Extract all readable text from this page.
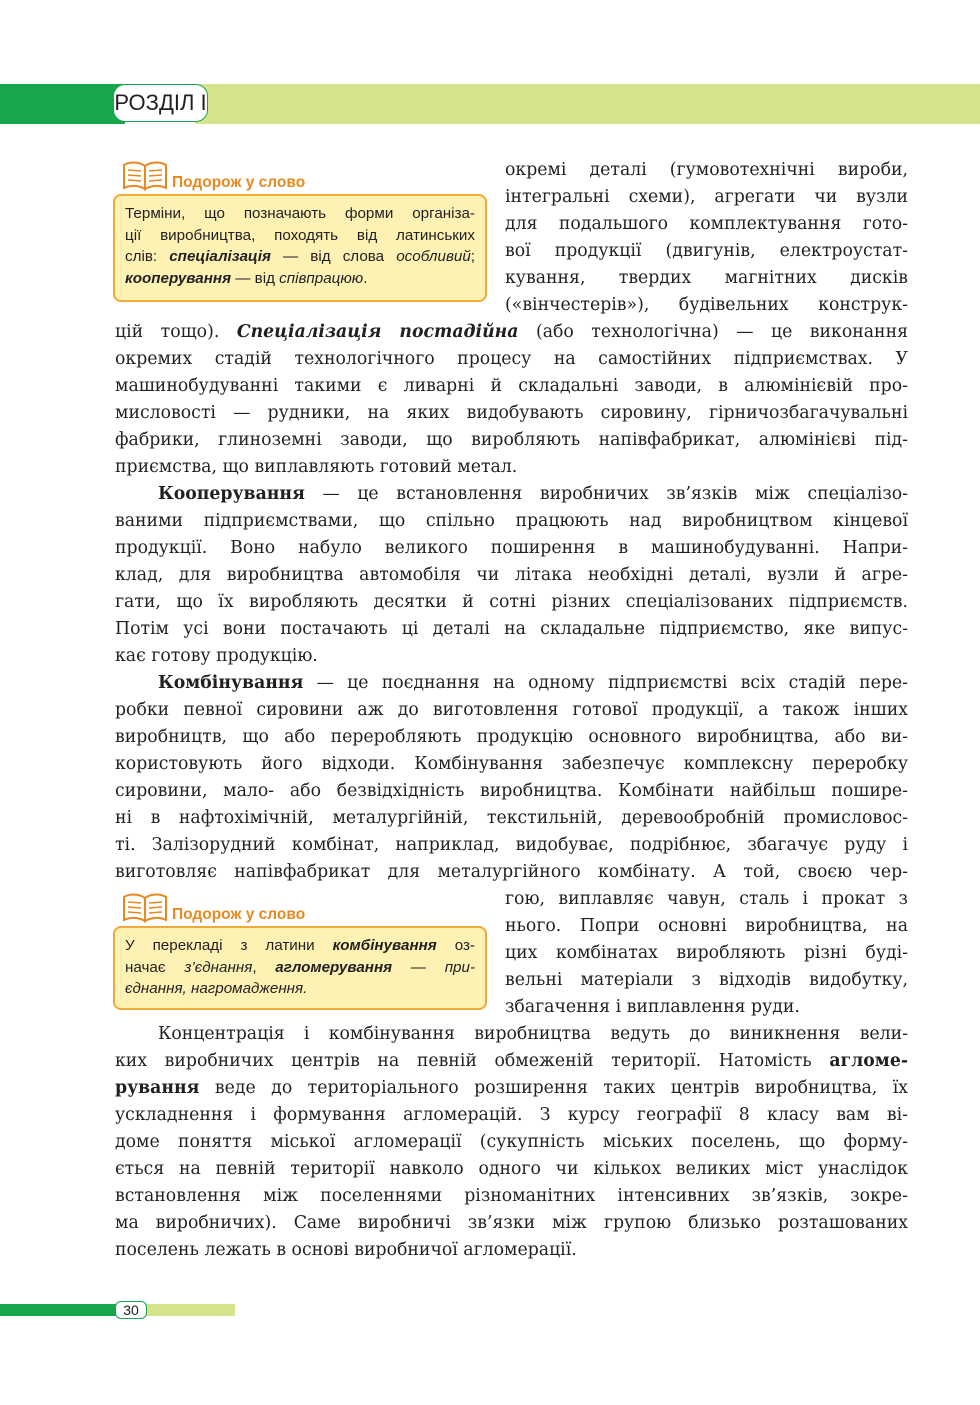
РОЗДІЛ І
Подорож у слово
Терміни, що позначають форми організа-
ції виробництва, походять від латинських
слів: спеціалізація — від слова особливий;
кооперування — від співпрацюю.
окремі деталі (гумовотехнічні вироби,
інтегральні схеми), агрегати чи вузли
для подальшого комплектування гото-
вої продукції (двигунів, електроустат-
кування, твердих магнітних дисків
(«вінчестерів»), будівельних конструк-
цій тощо). Спеціалізація постадійна (або технологічна) — це виконання
окремих стадій технологічного процесу на самостійних підприємствах. У
машинобудуванні такими є ливарні й складальні заводи, в алюмінієвій про-
мисловості — рудники, на яких видобувають сировину, гірничозбагачувальні
фабрики, глиноземні заводи, що виробляють напівфабрикат, алюмінієві під-
приємства, що виплавляють готовий метал.
Кооперування — це встановлення виробничих зв’язків між спеціалізо-
ваними підприємствами, що спільно працюють над виробництвом кінцевої
продукції. Воно набуло великого поширення в машинобудуванні. Напри-
клад, для виробництва автомобіля чи літака необхідні деталі, вузли й агре-
гати, що їх виробляють десятки й сотні різних спеціалізованих підприємств.
Потім усі вони постачають ці деталі на складальне підприємство, яке випус-
кає готову продукцію.
Комбінування — це поєднання на одному підприємстві всіх стадій пере-
робки певної сировини аж до виготовлення готової продукції, а також інших
виробництв, що або переробляють продукцію основного виробництва, або ви-
користовують його відходи. Комбінування забезпечує комплексну переробку
сировини, мало- або безвідхідність виробництва. Комбінати найбільш пошире-
ні в нафтохімічній, металургійній, текстильній, деревообробній промисловос-
ті. Залізорудний комбінат, наприклад, видобуває, подрібнює, збагачує руду і
виготовляє напівфабрикат для металургійного комбінату. А той, своєю чер-
гою, виплавляє чавун, сталь і прокат з
нього. Попри основні виробництва, на
цих комбінатах виробляють різні буді-
вельні матеріали з відходів видобутку,
збагачення і виплавлення руди.
Подорож у слово
У перекладі з латини комбінування оз-
начає з’єднання, агломерування — при-
єднання, нагромадження.
Концентрація і комбінування виробництва ведуть до виникнення вели-
ких виробничих центрів на певній обмеженій території. Натомість агломе-
рування веде до територіального розширення таких центрів виробництва, їх
ускладнення і формування агломерацій. З курсу географії 8 класу вам ві-
доме поняття міської агломерації (сукупність міських поселень, що форму-
ється на певній території навколо одного чи кількох великих міст унаслідок
встановлення між поселеннями різноманітних інтенсивних зв’язків, зокре-
ма виробничих). Саме виробничі зв’язки між групою близько розташованих
поселень лежать в основі виробничої агломерації.
30
